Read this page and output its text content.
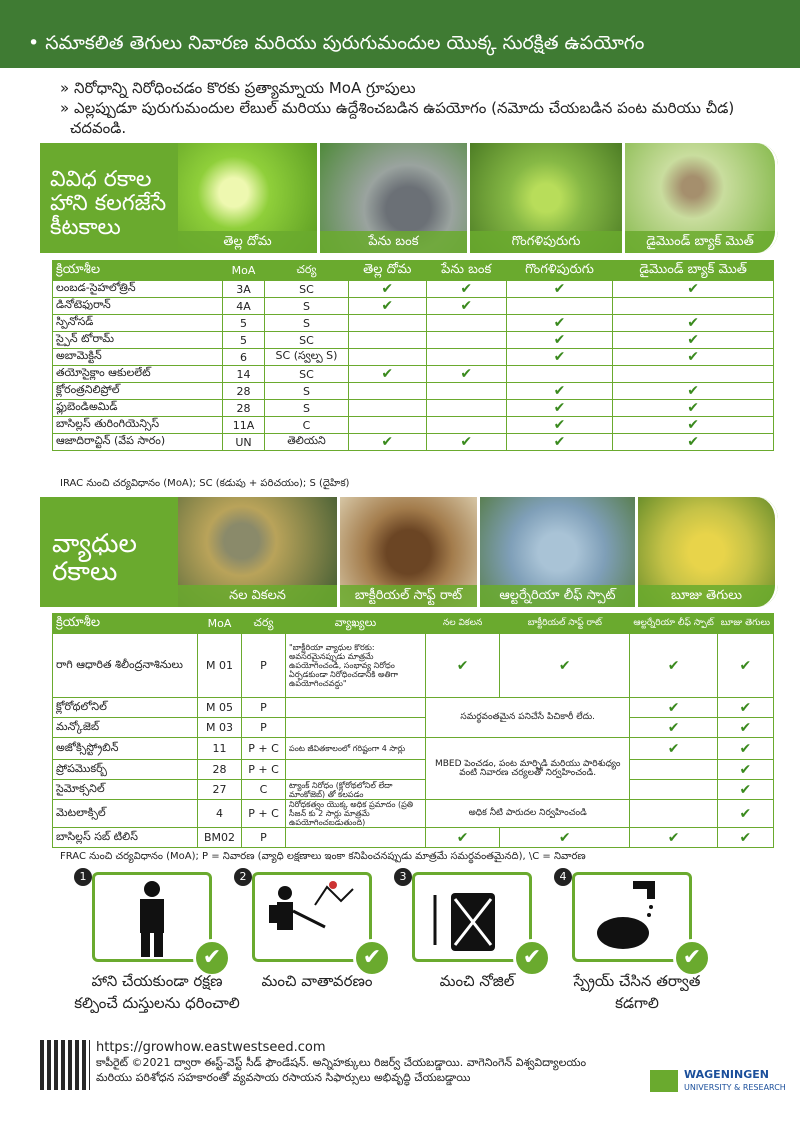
• సమాకలిత తెగులు నివారణ మరియు పురుగుమందుల యొక్క సురక్షిత ఉపయోగం
» నిరోధాన్ని నిరోధించడం కొరకు ప్రత్యామ్నాయ MoA గ్రూపులు
» ఎల్లప్పుడూ పురుగుమందుల లేబుల్ మరియు ఉద్దేశించబడిన ఉపయోగం (నమోదు చేయబడిన పంట మరియు చీడ) చదవండి.
వివిధ రకాల హాని కలగజేసే కీటకాలు
తెల్ల దోమ	పేను బంక	గొంగళిపురుగు	డైమొండ్ బ్యాక్ మొత్
క్రియాశీల	MoA	చర్య	తెల్ల దోమ	పేను బంక	గొంగళిపురుగు	డైమొండ్ బ్యాక్ మొత్
లంబడ-సైహలోత్రిన్	3A	SC	✔	✔	✔	✔
డినోటెఫురాన్	4A	S	✔	✔		
స్పినోసడ్	5	S			✔	✔
స్పైన్ టోరామ్	5	SC			✔	✔
అబామెక్టిన్	6	SC (స్వల్ప S)			✔	✔
తయోసైక్లాం ఆకులలేట్	14	SC	✔	✔		
క్లోరంత్రనిలిప్రోల్	28	S			✔	✔
ఫ్లుబెండిఅమిడ్	28	S			✔	✔
బాసిల్లస్ తురింగియెన్సిస్	11A	C			✔	✔
ఆజాదిరాచ్టిన్ (వేప సారం)	UN	తెలియని	✔	✔	✔	✔
IRAC నుంచి చర్యవిధానం (MoA); SC (కడుపు + పరిచయం); S (దైహిక)
వ్యాధుల రకాలు
నల వికలన	బాక్టీరియల్ సాఫ్ట్ రాట్	ఆల్టర్నేరియా లీఫ్ స్పాట్	బూజు తెగులు
క్రియాశీల	MoA	చర్య	వ్యాఖ్యలు	నల వికలన	బాక్టీరియల్ సాఫ్ట్ రాట్	ఆల్టర్నేరియా లీఫ్ స్పాట్	బూజు తెగులు
రాగి ఆధారిత శిలీంద్రనాశినులు	M 01	P	"బాక్టీరియా వ్యాధుల కొరకు: అవసరమైనప్పుడు మాత్రమే ఉపయోగించండి, సంభావ్య నిరోధం ఏర్పడకుండా నిరోధించడానికి అతిగా ఉపయోగించవద్దు"	✔	✔	✔	✔
క్లోరోథలోనిల్	M 05	P		సమర్థవంతమైన పనిచేసే పిచికారీ లేదు.		✔	✔
మన్కోజెబ్	M 03	P				✔	✔
అజోక్సిస్ట్రోబిన్	11	P + C	పంట జీవితకాలంలో గరిష్టంగా 4 సార్లు	MBED పెంచడం, పంట మార్పిడి మరియు పారిశుధ్యం వంటి నివారణ చర్యలతో నిర్వహించండి.		✔	✔
ప్రోపమొకర్బ్	28	P + C					✔
సైమోక్సనిల్	27	C	ట్యాంక్ నిరోధం (క్లోరోథలోనిల్ లేదా మాంకోజెబ్) తో కలపడం				✔
మెటలాక్సిల్	4	P + C	నిరోధకత్వం యొక్క అధిక ప్రమాదం (ప్రతి సీజన్ కు 2 సార్లు మాత్రమే ఉపయోగించబడుతుంది)	అధిక నీటి పారుదల నిర్వహించండి			✔
బాసిల్లస్ సబ్ టిలిస్	BM02	P		✔	✔	✔	✔
FRAC నుంచి చర్యవిధానం (MoA); P = నివారణ (వ్యాధి లక్షణాలు ఇంకా కనిపించనప్పుడు మాత్రమే సమర్థవంతమైనది), \C = నివారణ
1
✔
హాని చేయకుండా రక్షణ కల్పించే దుస్తులను ధరించాలి
2
✔
మంచి వాతావరణం
3
✔
మంచి నోజిల్
4
✔
స్ప్రేయ్ చేసిన తర్వాత కడగాలి
https://growhow.eastwestseed.com
కాపీరైట్ ©2021 ద్వారా ఈస్ట్-వెస్ట్ సీడ్ ఫౌండేషన్. అన్నిహక్కులు రిజర్వ్ చేయబడ్డాయి. వాగెనింగెన్ విశ్వవిద్యాలయం మరియు పరిశోధన సహకారంతో వ్యవసాయ రసాయన సిఫార్సులు అభివృద్ధి చేయబడ్డాయి	WAGENINGEN
UNIVERSITY & RESEARCH
